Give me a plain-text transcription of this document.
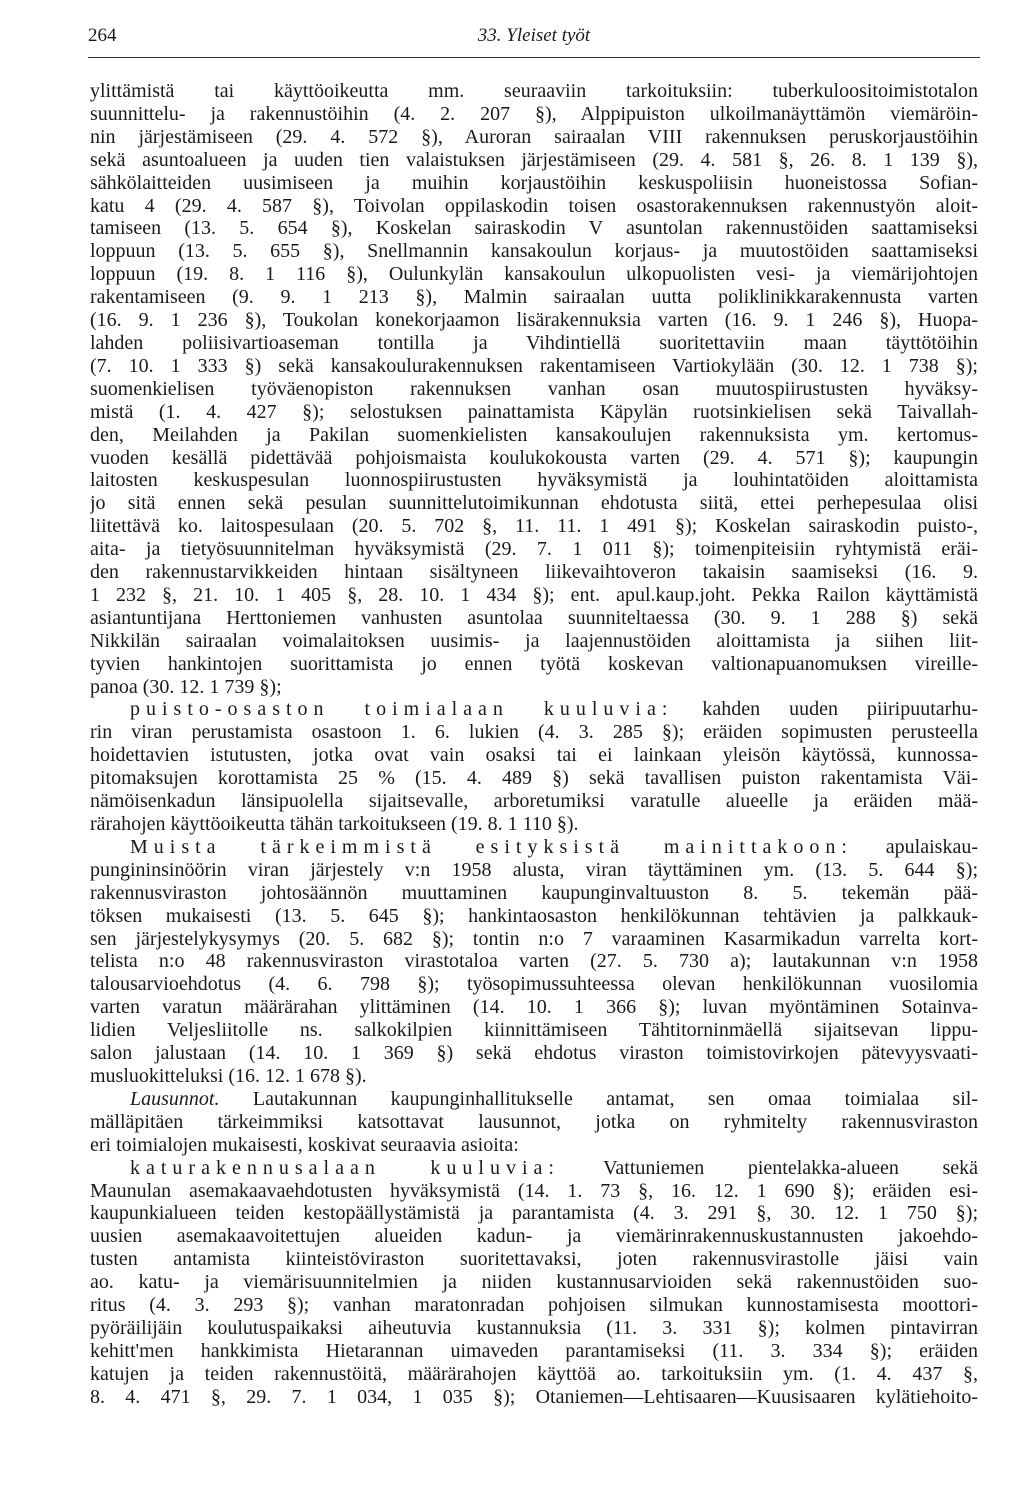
264	33. Yleiset työt
ylittämistä tai käyttöoikeutta mm. seuraaviin tarkoituksiin: tuberkuloositoimistotalon
suunnittelu- ja rakennustöihin (4. 2. 207 §), Alppipuiston ulkoilmanäyttämön viemäröin-
nin järjestämiseen (29. 4. 572 §), Auroran sairaalan VIII rakennuksen peruskorjaustöihin
sekä asuntoalueen ja uuden tien valaistuksen järjestämiseen (29. 4. 581 §, 26. 8. 1 139 §),
sähkölaitteiden uusimiseen ja muihin korjaustöihin keskuspoliisin huoneistossa Sofian-
katu 4 (29. 4. 587 §), Toivolan oppilaskodin toisen osastorakennuksen rakennustyön aloit-
tamiseen (13. 5. 654 §), Koskelan sairaskodin V asuntolan rakennustöiden saattamiseksi
loppuun (13. 5. 655 §), Snellmannin kansakoulun korjaus- ja muutostöiden saattamiseksi
loppuun (19. 8. 1 116 §), Oulunkylän kansakoulun ulkopuolisten vesi- ja viemärijohtojen
rakentamiseen (9. 9. 1 213 §), Malmin sairaalan uutta poliklinikkarakennusta varten
(16. 9. 1 236 §), Toukolan konekorjaamon lisärakennuksia varten (16. 9. 1 246 §), Huopa-
lahden poliisivartioaseman tontilla ja Vihdintiellä suoritettaviin maan täyttötöihin
(7. 10. 1 333 §) sekä kansakoulurakennuksen rakentamiseen Vartiokylään (30. 12. 1 738 §);
suomenkielisen työväenopiston rakennuksen vanhan osan muutospiirustusten hyväksy-
mistä (1. 4. 427 §); selostuksen painattamista Käpylän ruotsinkielisen sekä Taivallah-
den, Meilahden ja Pakilan suomenkielisten kansakoulujen rakennuksista ym. kertomus-
vuoden kesällä pidettävää pohjoismaista koulukokousta varten (29. 4. 571 §); kaupungin
laitosten keskuspesulan luonnospiirustusten hyväksymistä ja louhintatöiden aloittamista
jo sitä ennen sekä pesulan suunnittelutoimikunnan ehdotusta siitä, ettei perhepesulaa olisi
liitettävä ko. laitospesulaan (20. 5. 702 §, 11. 11. 1 491 §); Koskelan sairaskodin puisto-,
aita- ja tietyösuunnitelman hyväksymistä (29. 7. 1 011 §); toimenpiteisiin ryhtymistä eräi-
den rakennustarvikkeiden hintaan sisältyneen liikevaihtoveron takaisin saamiseksi (16. 9.
1 232 §, 21. 10. 1 405 §, 28. 10. 1 434 §); ent. apul.kaup.joht. Pekka Railon käyttämistä
asiantuntijana Herttoniemen vanhusten asuntolaa suunniteltaessa (30. 9. 1 288 §) sekä
Nikkilän sairaalan voimalaitoksen uusimis- ja laajennustöiden aloittamista ja siihen liit-
tyvien hankintojen suorittamista jo ennen työtä koskevan valtionapuanomuksen vireille-
panoa (30. 12. 1 739 §);
puisto-osaston toimialaan kuuluvia: kahden uuden piiripuutarhu-
rin viran perustamista osastoon 1. 6. lukien (4. 3. 285 §); eräiden sopimusten perusteella
hoidettavien istutusten, jotka ovat vain osaksi tai ei lainkaan yleisön käytössä, kunnossa-
pitomaksujen korottamista 25 % (15. 4. 489 §) sekä tavallisen puiston rakentamista Väi-
nämöisenkadun länsipuolella sijaitsevalle, arboretumiksi varatulle alueelle ja eräiden mää-
rärahojen käyttöoikeutta tähän tarkoitukseen (19. 8. 1 110 §).
Muista tärkeimmistä esityksistä mainittakoon: apulaiskau-
pungininsinöörin viran järjestely v:n 1958 alusta, viran täyttäminen ym. (13. 5. 644 §);
rakennusviraston johtosäännön muuttaminen kaupunginvaltuuston 8. 5. tekemän pää-
töksen mukaisesti (13. 5. 645 §); hankintaosaston henkilökunnan tehtävien ja palkkauk-
sen järjestelykysymys (20. 5. 682 §); tontin n:o 7 varaaminen Kasarmikadun varrelta kort-
telista n:o 48 rakennusviraston virastotaloa varten (27. 5. 730 a); lautakunnan v:n 1958
talousarvioehdotus (4. 6. 798 §); työsopimussuhteessa olevan henkilökunnan vuosilomia
varten varatun määrärahan ylittäminen (14. 10. 1 366 §); luvan myöntäminen Sotainva-
lidien Veljesliitolle ns. salkokilpien kiinnittämiseen Tähtitorninmäellä sijaitsevan lippu-
salon jalustaan (14. 10. 1 369 §) sekä ehdotus viraston toimistovirkojen pätevyysvaati-
musluokitteluksi (16. 12. 1 678 §).
Lausunnot. Lautakunnan kaupunginhallitukselle antamat, sen omaa toimialaa sil-
mälläpitäen tärkeimmiksi katsottavat lausunnot, jotka on ryhmitelty rakennusviraston
eri toimialojen mukaisesti, koskivat seuraavia asioita:
katurakennusalaan kuuluvia: Vattuniemen pientelakka-alueen sekä
Maunulan asemakaavaehdotusten hyväksymistä (14. 1. 73 §, 16. 12. 1 690 §); eräiden esi-
kaupunkialueen teiden kestopäällystämistä ja parantamista (4. 3. 291 §, 30. 12. 1 750 §);
uusien asemakaavoitettujen alueiden kadun- ja viemärinrakennuskustannusten jakoehdo-
tusten antamista kiinteistöviraston suoritettavaksi, joten rakennusvirastolle jäisi vain
ao. katu- ja viemärisuunnitelmien ja niiden kustannusarvioiden sekä rakennustöiden suo-
ritus (4. 3. 293 §); vanhan maratonradan pohjoisen silmukan kunnostamisesta moottori-
pyöräilijäin koulutuspaikaksi aiheutuvia kustannuksia (11. 3. 331 §); kolmen pintavirran
kehitt'men hankkimista Hietarannan uimaveden parantamiseksi (11. 3. 334 §); eräiden
katujen ja teiden rakennustöitä, määrärahojen käyttöä ao. tarkoituksiin ym. (1. 4. 437 §,
8. 4. 471 §, 29. 7. 1 034, 1 035 §); Otaniemen—Lehtisaaren—Kuusisaaren kylätiehoito-
